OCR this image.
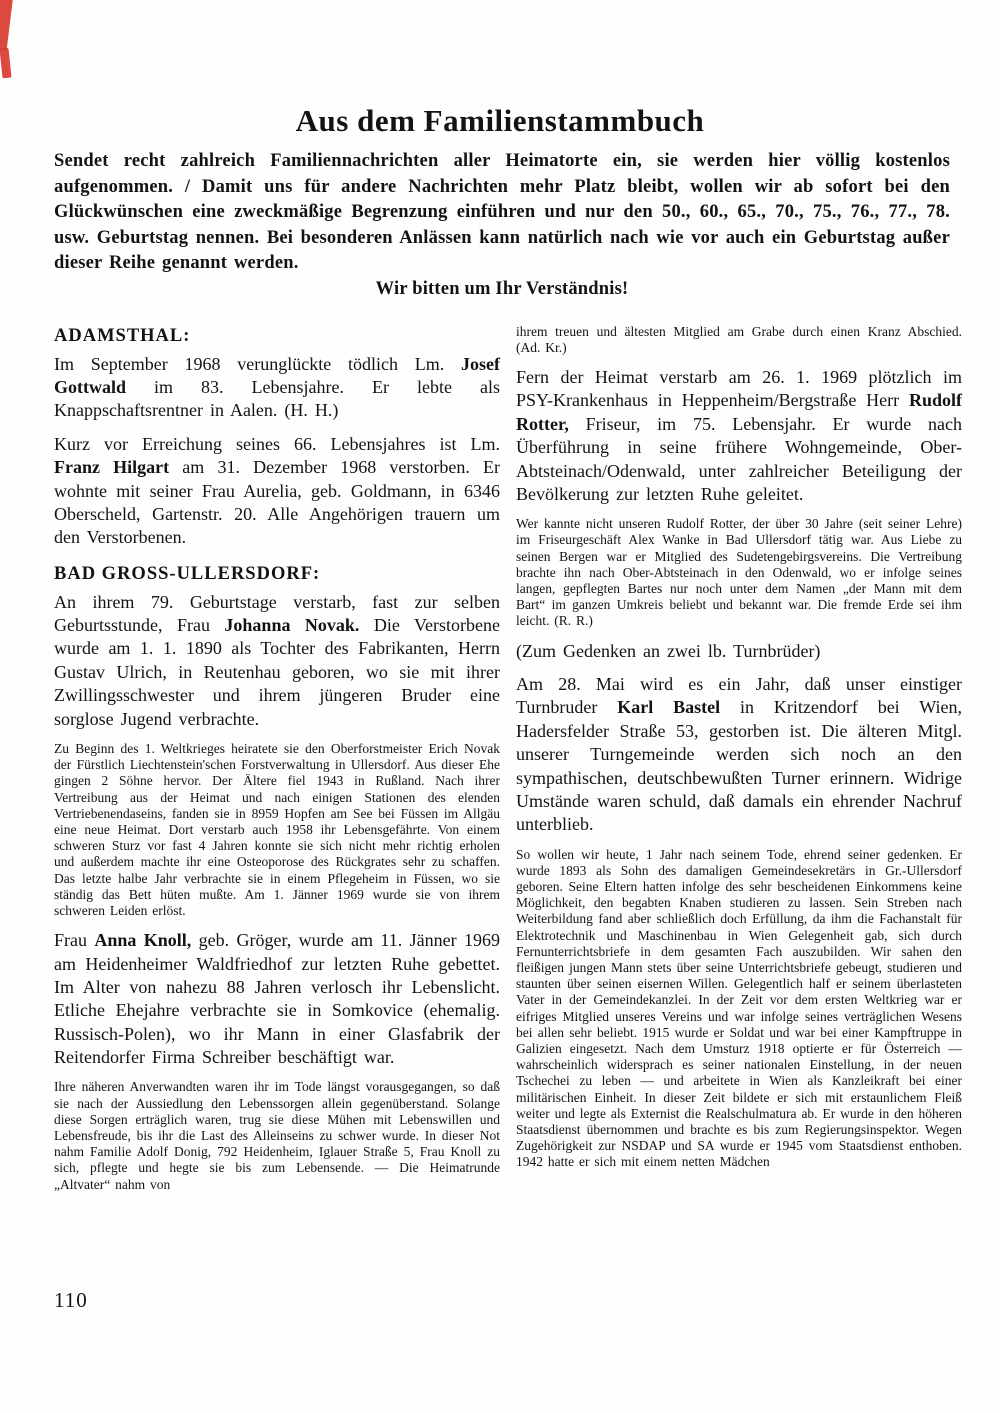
Aus dem Familienstammbuch

Sendet recht zahlreich Familiennachrichten aller Heimatorte ein, sie werden hier völlig kostenlos aufgenommen. / Damit uns für andere Nachrichten mehr Platz bleibt, wollen wir ab sofort bei den Glückwünschen eine zweckmäßige Begrenzung einführen und nur den 50., 60., 65., 70., 75., 76., 77., 78. usw. Geburtstag nennen. Bei besonderen Anlässen kann natürlich nach wie vor auch ein Geburtstag außer dieser Reihe genannt werden.

Wir bitten um Ihr Verständnis!

ADAMSTHAL:

Im September 1968 verunglückte tödlich Lm. Josef Gottwald im 83. Lebensjahre. Er lebte als Knappschaftsrentner in Aalen. (H. H.)

Kurz vor Erreichung seines 66. Lebensjahres ist Lm. Franz Hilgart am 31. Dezember 1968 verstorben. Er wohnte mit seiner Frau Aurelia, geb. Goldmann, in 6346 Oberscheld, Gartenstr. 20. Alle Angehörigen trauern um den Verstorbenen.

BAD GROSS-ULLERSDORF:

An ihrem 79. Geburtstage verstarb, fast zur selben Geburtsstunde, Frau Johanna Novak. Die Verstorbene wurde am 1. 1. 1890 als Tochter des Fabrikanten, Herrn Gustav Ulrich, in Reutenhau geboren, wo sie mit ihrer Zwillingsschwester und ihrem jüngeren Bruder eine sorglose Jugend verbrachte.

Zu Beginn des 1. Weltkrieges heiratete sie den Oberforstmeister Erich Novak der Fürstlich Liechtenstein'schen Forstverwaltung in Ullersdorf. Aus dieser Ehe gingen 2 Söhne hervor. Der Ältere fiel 1943 in Rußland. Nach ihrer Vertreibung aus der Heimat und nach einigen Stationen des elenden Vertriebenendaseins, fanden sie in 8959 Hopfen am See bei Füssen im Allgäu eine neue Heimat. Dort verstarb auch 1958 ihr Lebensgefährte. Von einem schweren Sturz vor fast 4 Jahren konnte sie sich nicht mehr richtig erholen und außerdem machte ihr eine Osteoporose des Rückgrates sehr zu schaffen. Das letzte halbe Jahr verbrachte sie in einem Pflegeheim in Füssen, wo sie ständig das Bett hüten mußte. Am 1. Jänner 1969 wurde sie von ihrem schweren Leiden erlöst.

Frau Anna Knoll, geb. Gröger, wurde am 11. Jänner 1969 am Heidenheimer Waldfriedhof zur letzten Ruhe gebettet. Im Alter von nahezu 88 Jahren verlosch ihr Lebenslicht. Etliche Ehejahre verbrachte sie in Somkovice (ehemalig. Russisch-Polen), wo ihr Mann in einer Glasfabrik der Reitendorfer Firma Schreiber beschäftigt war.

Ihre näheren Anverwandten waren ihr im Tode längst vorausgegangen, so daß sie nach der Aussiedlung den Lebenssorgen allein gegenüberstand. Solange diese Sorgen erträglich waren, trug sie diese Mühen mit Lebenswillen und Lebensfreude, bis ihr die Last des Alleinseins zu schwer wurde. In dieser Not nahm Familie Adolf Donig, 792 Heidenheim, Iglauer Straße 5, Frau Knoll zu sich, pflegte und hegte sie bis zum Lebensende. — Die Heimatrunde „Altvater“ nahm von

ihrem treuen und ältesten Mitglied am Grabe durch einen Kranz Abschied. (Ad. Kr.)

Fern der Heimat verstarb am 26. 1. 1969 plötzlich im PSY-Krankenhaus in Heppenheim/Bergstraße Herr Rudolf Rotter, Friseur, im 75. Lebensjahr. Er wurde nach Überführung in seine frühere Wohngemeinde, Ober-Abtsteinach/Odenwald, unter zahlreicher Beteiligung der Bevölkerung zur letzten Ruhe geleitet.

Wer kannte nicht unseren Rudolf Rotter, der über 30 Jahre (seit seiner Lehre) im Friseurgeschäft Alex Wanke in Bad Ullersdorf tätig war. Aus Liebe zu seinen Bergen war er Mitglied des Sudetengebirgsvereins. Die Vertreibung brachte ihn nach Ober-Abtsteinach in den Odenwald, wo er infolge seines langen, gepflegten Bartes nur noch unter dem Namen „der Mann mit dem Bart“ im ganzen Umkreis beliebt und bekannt war. Die fremde Erde sei ihm leicht. (R. R.)

(Zum Gedenken an zwei lb. Turnbrüder)

Am 28. Mai wird es ein Jahr, daß unser einstiger Turnbruder Karl Bastel in Kritzendorf bei Wien, Hadersfelder Straße 53, gestorben ist. Die älteren Mitgl. unserer Turngemeinde werden sich noch an den sympathischen, deutschbewußten Turner erinnern. Widrige Umstände waren schuld, daß damals ein ehrender Nachruf unterblieb.

So wollen wir heute, 1 Jahr nach seinem Tode, ehrend seiner gedenken. Er wurde 1893 als Sohn des damaligen Gemeindesekretärs in Gr.-Ullersdorf geboren. Seine Eltern hatten infolge des sehr bescheidenen Einkommens keine Möglichkeit, den begabten Knaben studieren zu lassen. Sein Streben nach Weiterbildung fand aber schließlich doch Erfüllung, da ihm die Fachanstalt für Elektrotechnik und Maschinenbau in Wien Gelegenheit gab, sich durch Fernunterrichtsbriefe in dem gesamten Fach auszubilden. Wir sahen den fleißigen jungen Mann stets über seine Unterrichtsbriefe gebeugt, studieren und staunten über seinen eisernen Willen. Gelegentlich half er seinem überlasteten Vater in der Gemeindekanzlei. In der Zeit vor dem ersten Weltkrieg war er eifriges Mitglied unseres Vereins und war infolge seines verträglichen Wesens bei allen sehr beliebt. 1915 wurde er Soldat und war bei einer Kampftruppe in Galizien eingesetzt. Nach dem Umsturz 1918 optierte er für Österreich — wahrscheinlich widersprach es seiner nationalen Einstellung, in der neuen Tschechei zu leben — und arbeitete in Wien als Kanzleikraft bei einer militärischen Einheit. In dieser Zeit bildete er sich mit erstaunlichem Fleiß weiter und legte als Externist die Realschulmatura ab. Er wurde in den höheren Staatsdienst übernommen und brachte es bis zum Regierungsinspektor. Wegen Zugehörigkeit zur NSDAP und SA wurde er 1945 vom Staatsdienst enthoben. 1942 hatte er sich mit einem netten Mädchen

110
